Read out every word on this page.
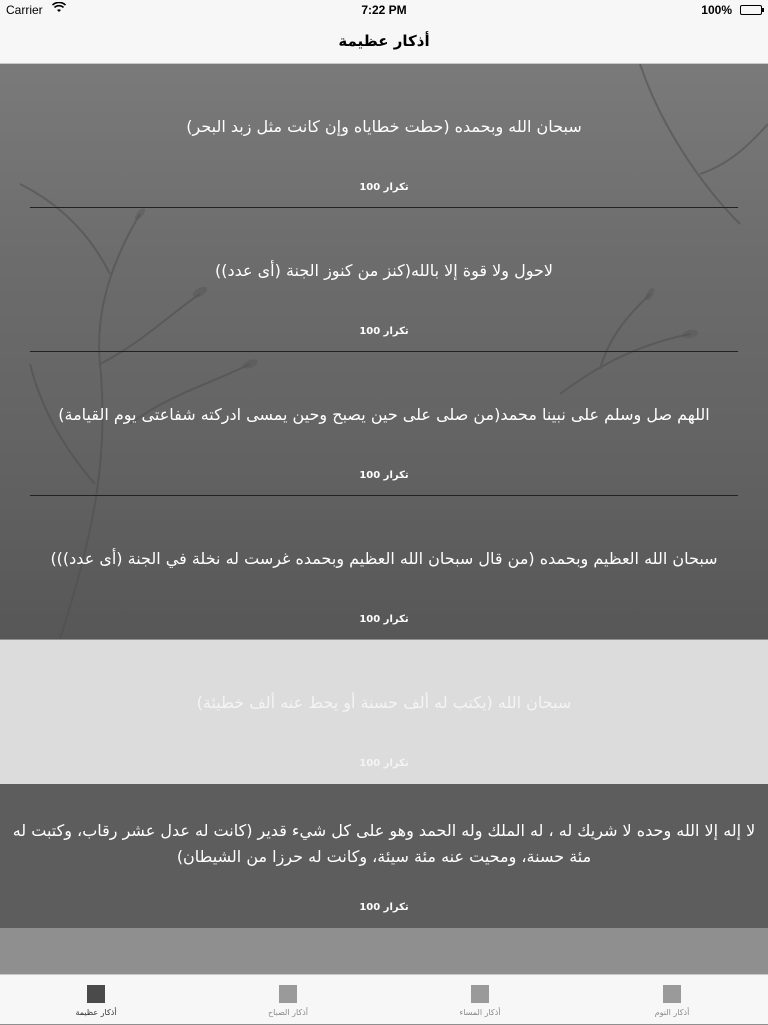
Carrier	7:22 PM	100%
أذكار عظيمة
سبحان الله وبحمده (حطت خطاياه وإن كانت مثل زبد البحر)
تكرار 100
لاحول ولا قوة إلا بالله(كنز من كنوز الجنة (أى عدد))
تكرار 100
اللهم صل وسلم على نبينا محمد(من صلى على حين يصبح وحين يمسى ادركته شفاعتى يوم القيامة)
تكرار 100
سبحان الله العظيم وبحمده (من قال سبحان الله العظيم وبحمده غرست له نخلة في الجنة (أى عدد)))
تكرار 100
سبحان الله (يكتب له ألف حسنة أو يحط عنه ألف خطيئة)
تكرار 100
لا إله إلا الله وحده لا شريك له ، له الملك وله الحمد وهو على كل شيء قدير (كانت له عدل عشر رقاب، وكتبت له مئة حسنة، ومحيت عنه مئة سيئة، وكانت له حرزا من الشيطان)
تكرار 100
أذكار عظيمة	أذكار الصباح	أذكار المساء	أذكار النوم
